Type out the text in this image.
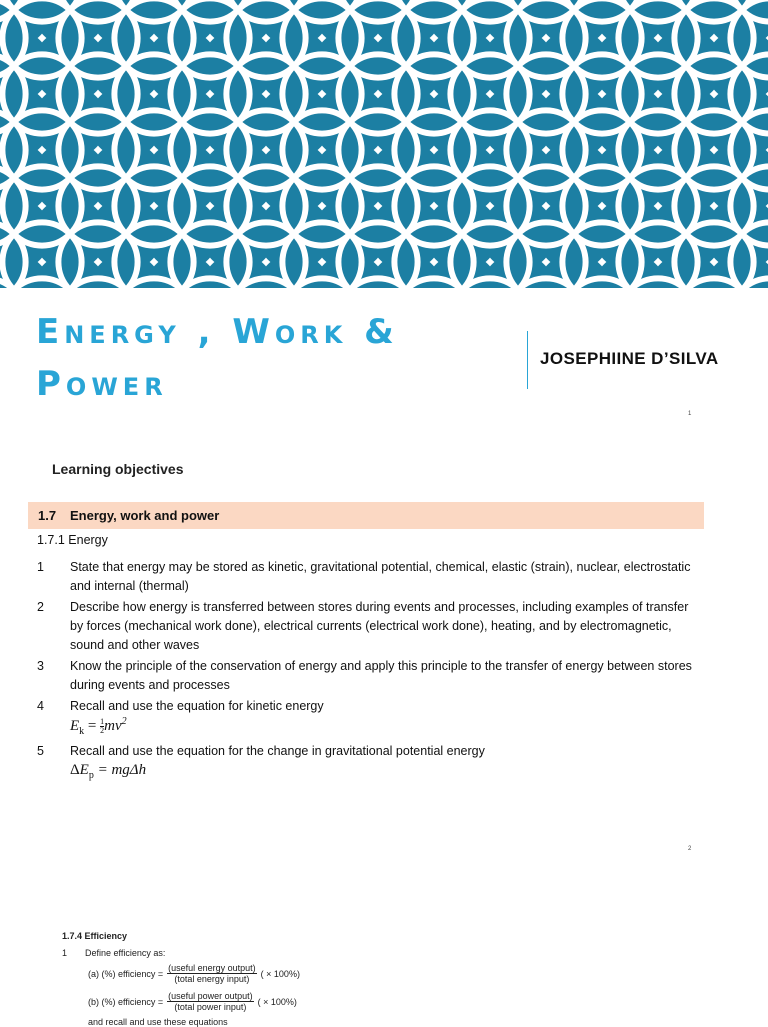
Energy , Work &
Power
JOSEPHIINE D’SILVA
1
Learning objectives
1.7 Energy, work and power
1.7.1 Energy
1 State that energy may be stored as kinetic, gravitational potential, chemical, elastic (strain), nuclear, electrostatic and internal (thermal)
2 Describe how energy is transferred between stores during events and processes, including examples of transfer by forces (mechanical work done), electrical currents (electrical work done), heating, and by electromagnetic, sound and other waves
3 Know the principle of the conservation of energy and apply this principle to the transfer of energy between stores during events and processes
4 Recall and use the equation for kinetic energy
$E_k = \frac{1}{2} mv^2$
5 Recall and use the equation for the change in gravitational potential energy
$\Delta E_p = mg\Delta h$
2
1.7.4 Efficiency
1 Define efficiency as:
(a) (%) efficiency = $\frac{\text{(useful energy output)}}{\text{(total energy input)}}$ ( × 100%)
(b) (%) efficiency = $\frac{\text{(useful power output)}}{\text{(total power input)}}$ ( × 100%)
and recall and use these equations
